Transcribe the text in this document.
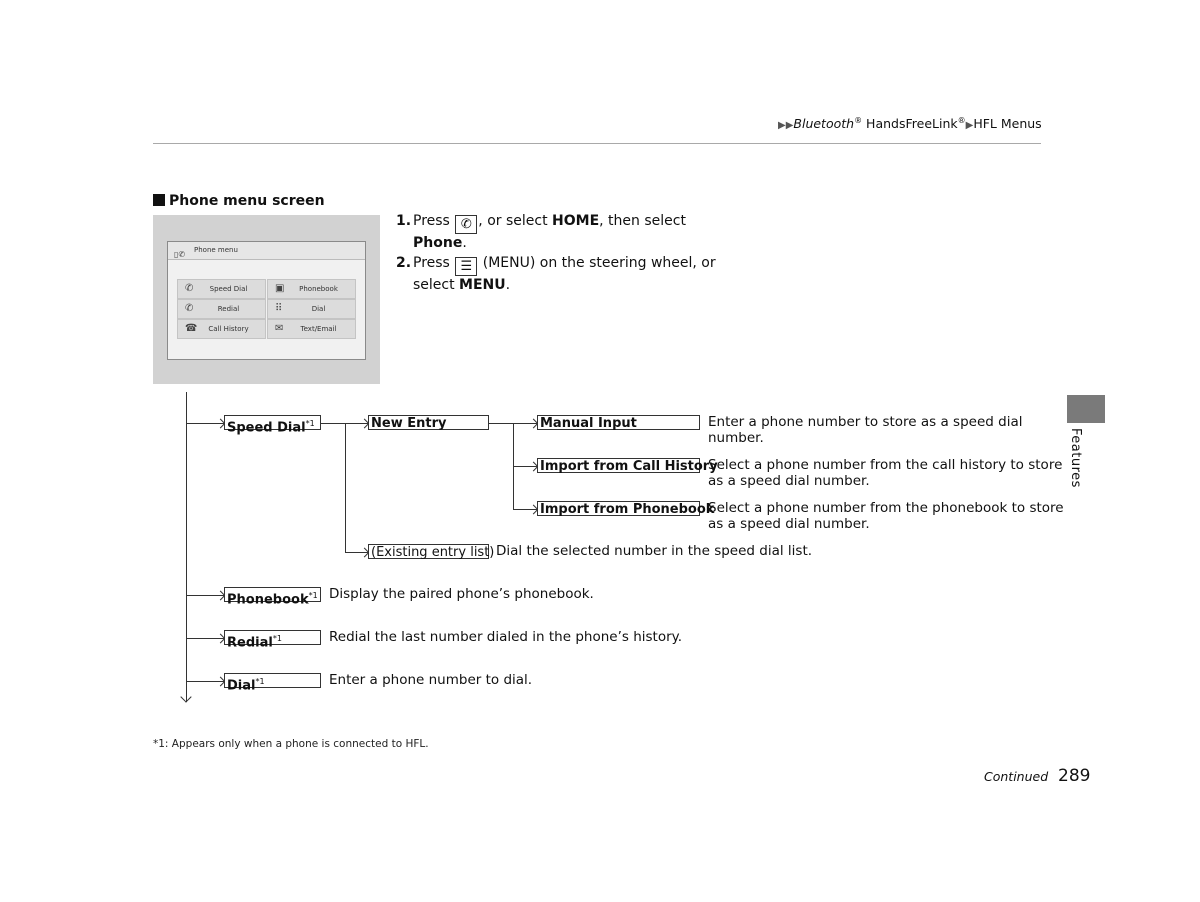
▶▶Bluetooth® HandsFreeLink®▶HFL Menus
Phone menu screen
▯✆ Phone menu
✆	Speed Dial	▣	Phonebook
✆	Redial	⠿	Dial
☎	Call History	✉	Text/Email
1. Press ✆ , or select HOME, then select
Phone.
2. Press ☰ (MENU) on the steering wheel, or
select MENU.
Speed Dial$^{*1}$	New Entry	Manual Input	Enter a phone number to store as a speed dial
number.
Import from Call History
Select a phone number from the call history to store
as a speed dial number.
Import from Phonebook
Select a phone number from the phonebook to store
as a speed dial number.
(Existing entry list) Dial the selected number in the speed dial list.
Phonebook$^{*1}$ Display the paired phone’s phonebook.
Redial$^{*1}$	Redial the last number dialed in the phone’s history.
Dial$^{*1}$	Enter a phone number to dial.
*1: Appears only when a phone is connected to HFL.
Continued 289
Features
